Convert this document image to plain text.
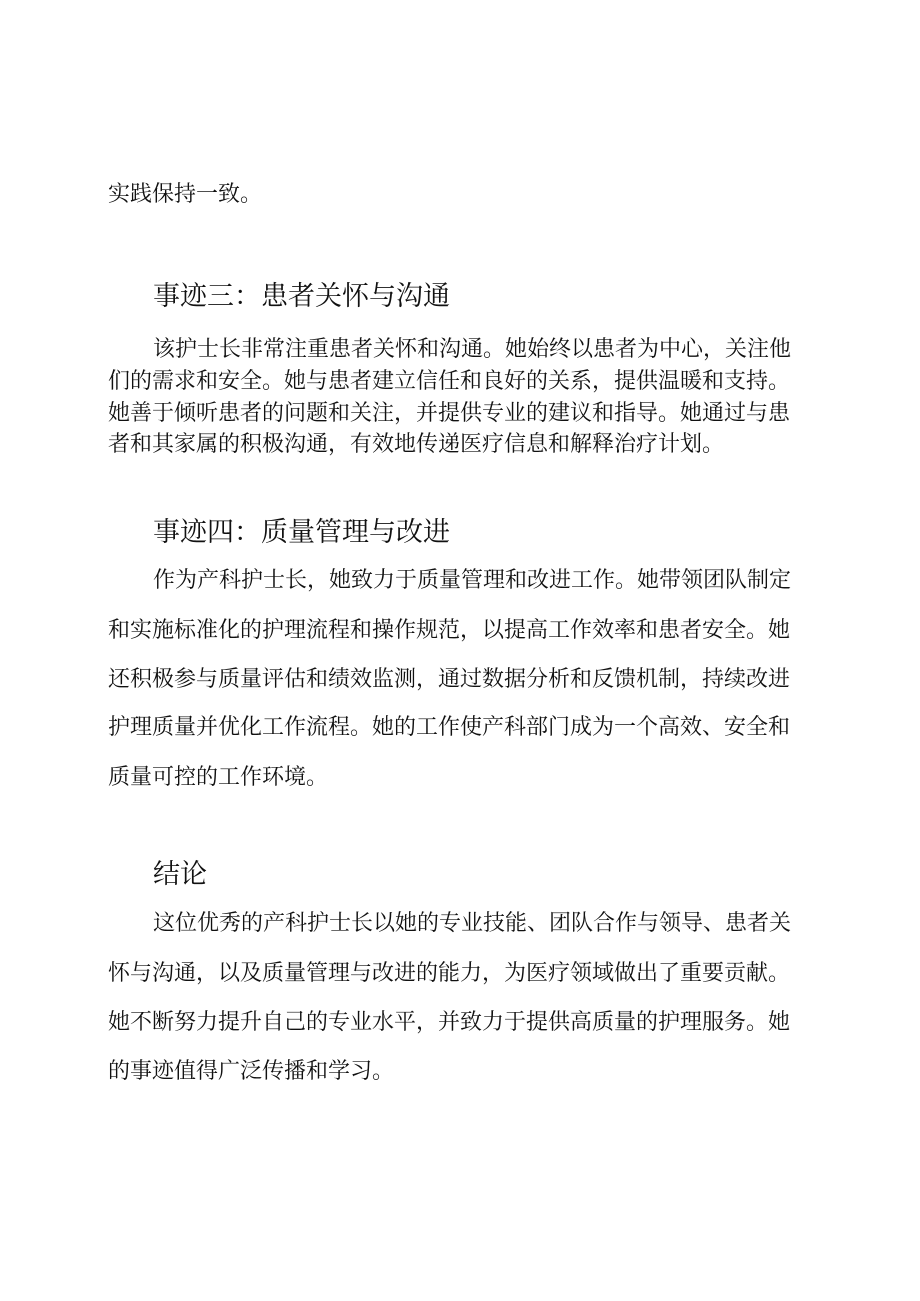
实践保持一致。
事迹三：患者关怀与沟通
该护士长非常注重患者关怀和沟通。她始终以患者为中心，关注他
们的需求和安全。她与患者建立信任和良好的关系，提供温暖和支持。
她善于倾听患者的问题和关注，并提供专业的建议和指导。她通过与患
者和其家属的积极沟通，有效地传递医疗信息和解释治疗计划。
事迹四：质量管理与改进
作为产科护士长，她致力于质量管理和改进工作。她带领团队制定
和实施标准化的护理流程和操作规范，以提高工作效率和患者安全。她
还积极参与质量评估和绩效监测，通过数据分析和反馈机制，持续改进
护理质量并优化工作流程。她的工作使产科部门成为一个高效、安全和
质量可控的工作环境。
结论
这位优秀的产科护士长以她的专业技能、团队合作与领导、患者关
怀与沟通，以及质量管理与改进的能力，为医疗领域做出了重要贡献。
她不断努力提升自己的专业水平，并致力于提供高质量的护理服务。她
的事迹值得广泛传播和学习。
